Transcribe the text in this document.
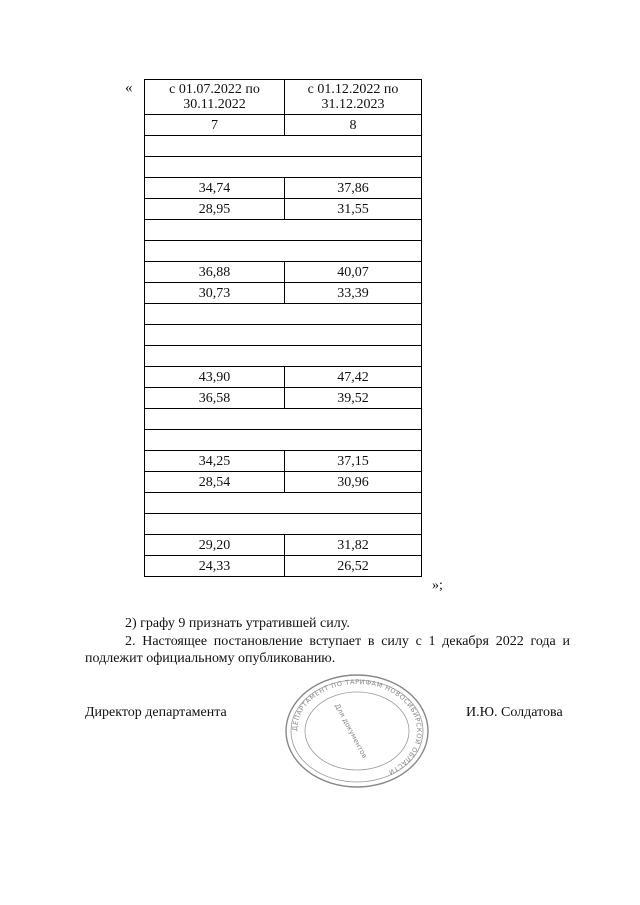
«	с 01.07.2022 по 30.11.2022	с 01.12.2022 по 31.12.2023
7	8

34,74	37,86
28,95	31,55

36,88	40,07
30,73	33,39

43,90	47,42
36,58	39,52

34,25	37,15
28,54	30,96

29,20	31,82
24,33	26,52
»;
2) графу 9 признать утратившей силу.
2. Настоящее постановление вступает в силу с 1 декабря 2022 года и подлежит официальному опубликованию.
Директор департамента	И.Ю. Солдатова
ДЕПАРТАМЕНТ ПО ТАРИФАМ НОВОСИБИРСКОЙ ОБЛАСТИ
Для документов
